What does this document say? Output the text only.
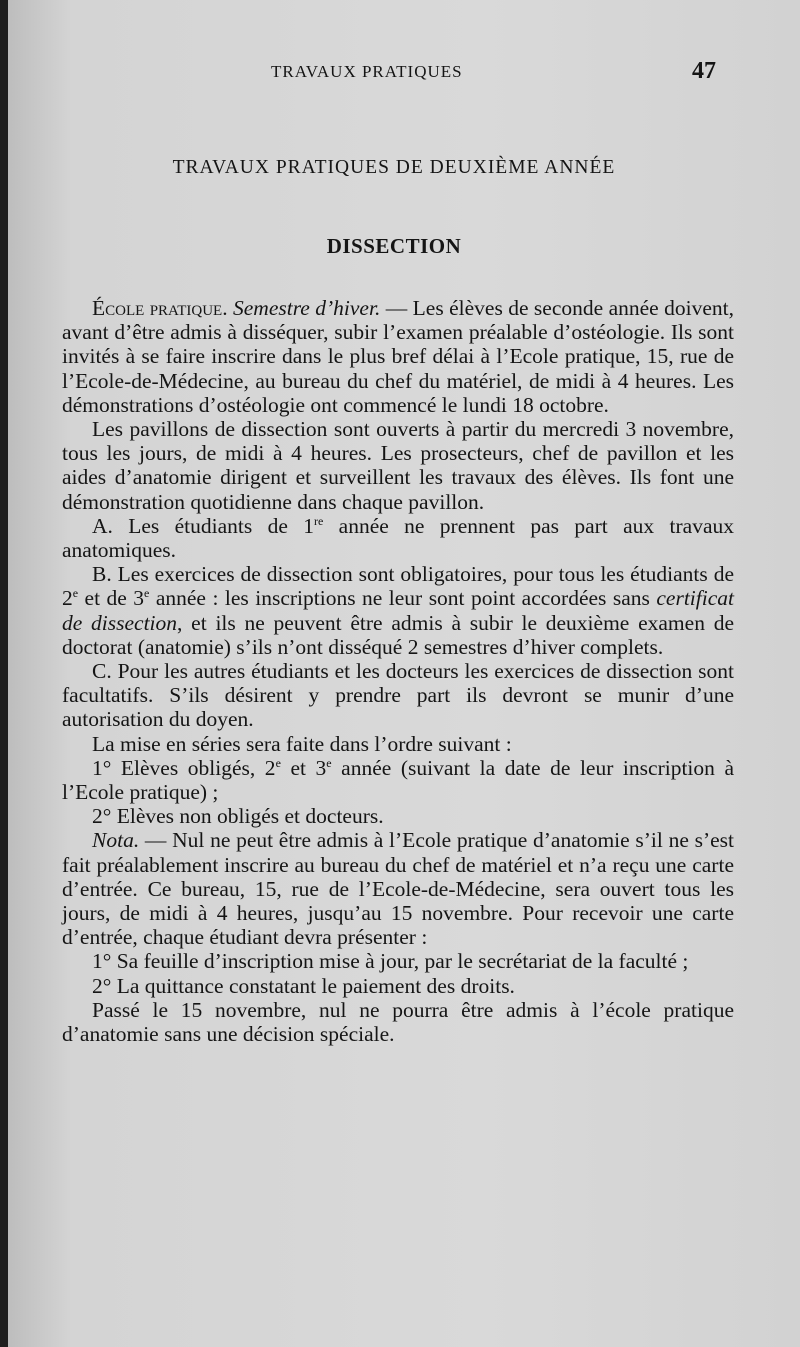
TRAVAUX PRATIQUES	47
TRAVAUX PRATIQUES DE DEUXIÈME ANNÉE
DISSECTION

École pratique. Semestre d’hiver. — Les élèves de seconde année doivent, avant d’être admis à disséquer, subir l’examen préalable d’ostéologie. Ils sont invités à se faire inscrire dans le plus bref délai à l’Ecole pratique, 15, rue de l’Ecole-de-Médecine, au bureau du chef du matériel, de midi à 4 heures. Les démonstrations d’ostéologie ont commencé le lundi 18 octobre.

Les pavillons de dissection sont ouverts à partir du mercredi 3 novembre, tous les jours, de midi à 4 heures. Les prosecteurs, chef de pavillon et les aides d’anatomie dirigent et surveillent les travaux des élèves. Ils font une démonstration quotidienne dans chaque pavillon.

A. Les étudiants de 1re année ne prennent pas part aux travaux anatomiques.

B. Les exercices de dissection sont obligatoires, pour tous les étudiants de 2e et de 3e année : les inscriptions ne leur sont point accordées sans certificat de dissection, et ils ne peuvent être admis à subir le deuxième examen de doctorat (anatomie) s’ils n’ont disséqué 2 semestres d’hiver complets.

C. Pour les autres étudiants et les docteurs les exercices de dissection sont facultatifs. S’ils désirent y prendre part ils devront se munir d’une autorisation du doyen.

La mise en séries sera faite dans l’ordre suivant :

1° Elèves obligés, 2e et 3e année (suivant la date de leur inscription à l’Ecole pratique) ;

2° Elèves non obligés et docteurs.

Nota. — Nul ne peut être admis à l’Ecole pratique d’anatomie s’il ne s’est fait préalablement inscrire au bureau du chef de matériel et n’a reçu une carte d’entrée. Ce bureau, 15, rue de l’Ecole-de-Médecine, sera ouvert tous les jours, de midi à 4 heures, jusqu’au 15 novembre. Pour recevoir une carte d’entrée, chaque étudiant devra présenter :

1° Sa feuille d’inscription mise à jour, par le secrétariat de la faculté ;

2° La quittance constatant le paiement des droits.

Passé le 15 novembre, nul ne pourra être admis à l’école pratique d’anatomie sans une décision spéciale.
